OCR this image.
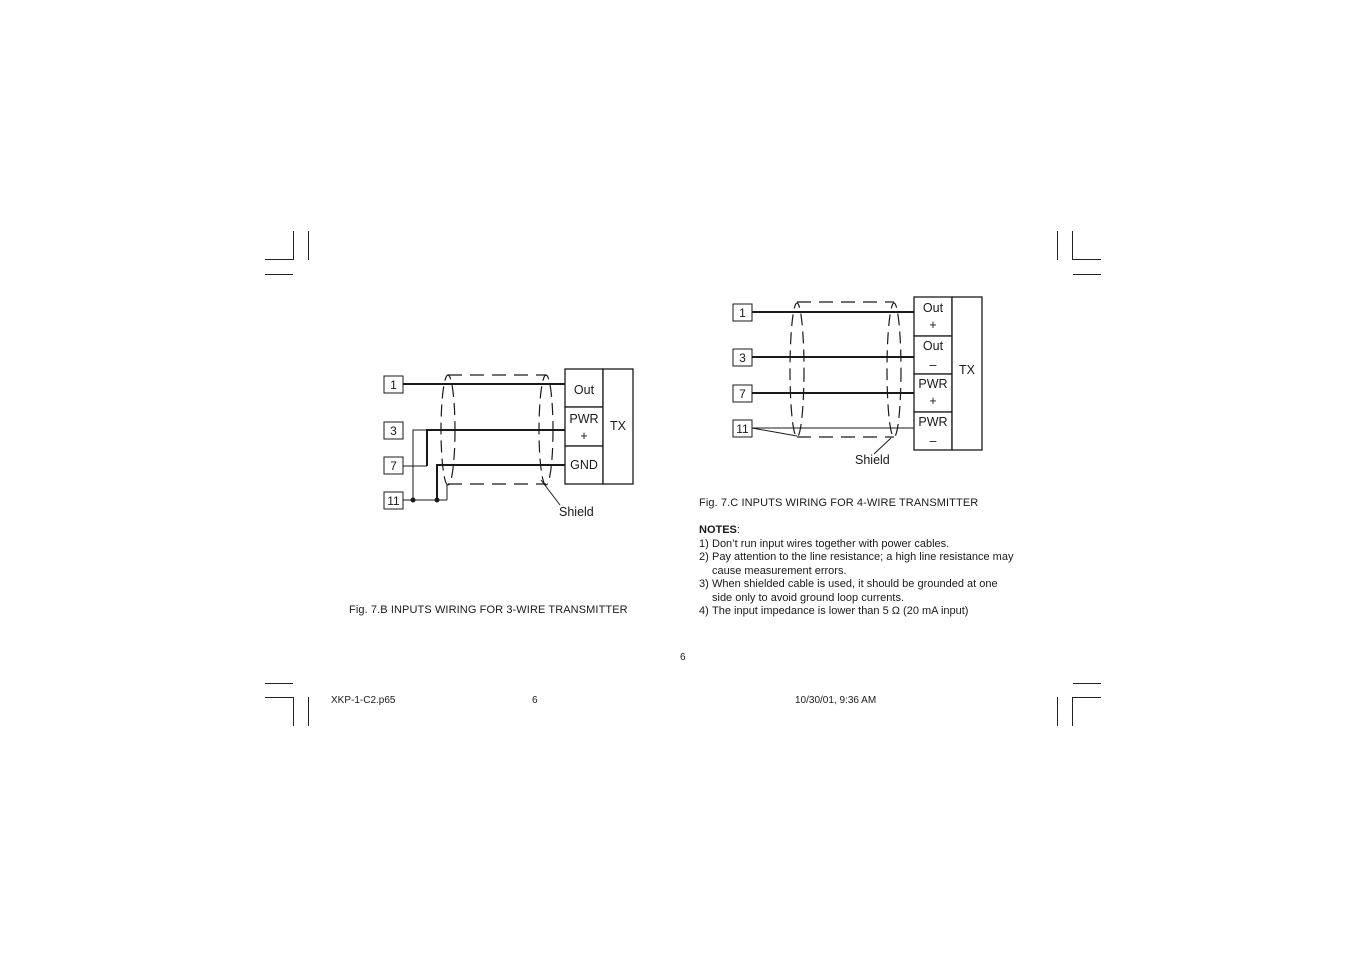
1
3
7
11
Shield
Out
PWR
+
GND
TX
Fig. 7.B INPUTS WIRING FOR 3-WIRE TRANSMITTER
1
3
7
11
Shield
Out
+
Out
–
PWR
+
PWR
–
TX
Fig. 7.C INPUTS WIRING FOR 4-WIRE TRANSMITTER
NOTES:
1) Don’t run input wires together with power cables.
2) Pay attention to the line resistance; a high line resistance may
cause measurement errors.
3) When shielded cable is used, it should be grounded at one
side only to avoid ground loop currents.
4) The input impedance is lower than 5 Ω (20 mA input)
6
XKP-1-C2.p65	6	10/30/01, 9:36 AM
